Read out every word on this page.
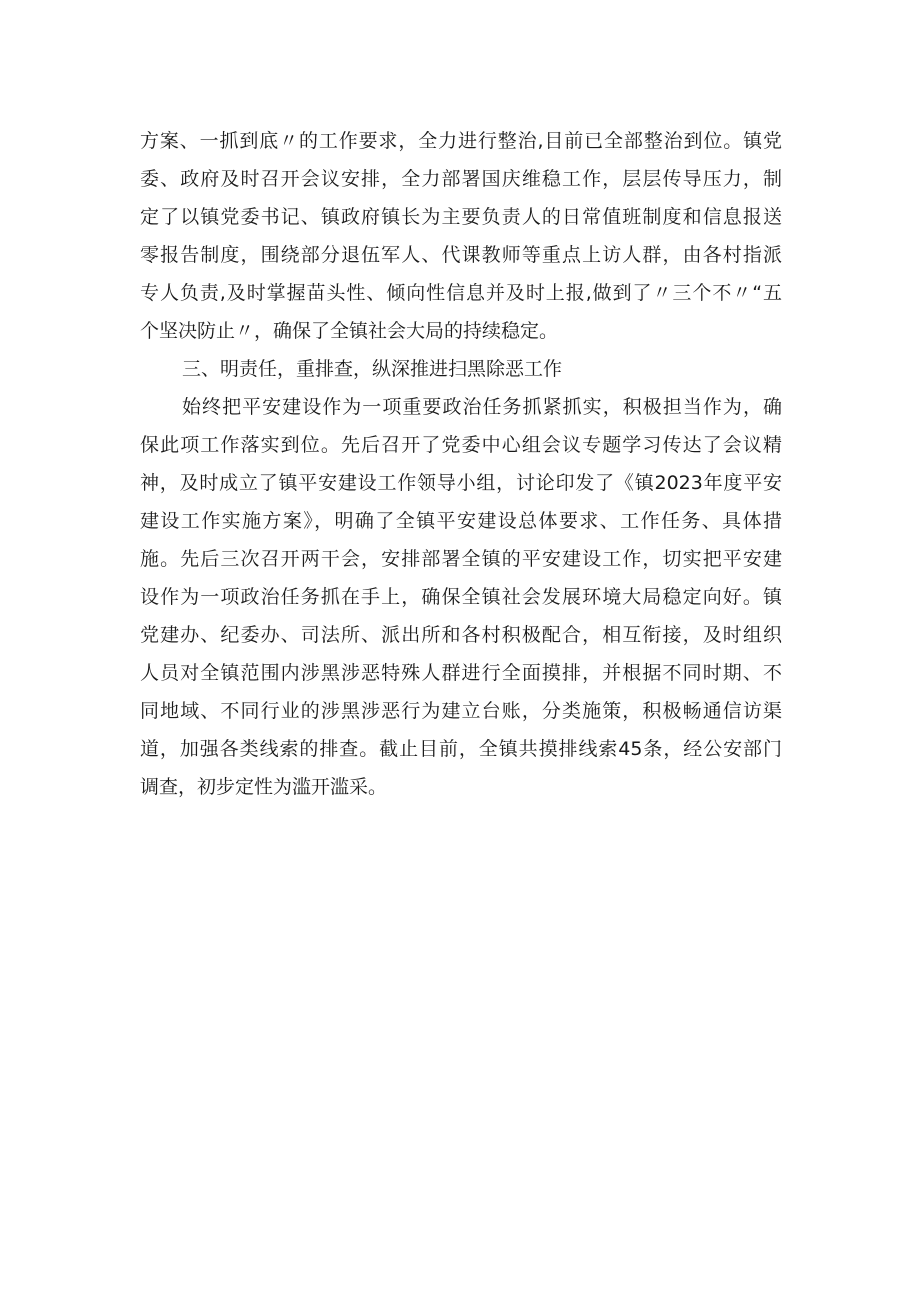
方案、一抓到底〃的工作要求，全力进行整治,目前已全部整治到位。镇党
委、政府及时召开会议安排，全力部署国庆维稳工作，层层传导压力，制
定了以镇党委书记、镇政府镇长为主要负责人的日常值班制度和信息报送
零报告制度，围绕部分退伍军人、代课教师等重点上访人群，由各村指派
专人负责,及时掌握苗头性、倾向性信息并及时上报,做到了〃三个不〃“五
个坚决防止〃，确保了全镇社会大局的持续稳定。
三、明责任，重排查，纵深推进扫黑除恶工作
始终把平安建设作为一项重要政治任务抓紧抓实，积极担当作为，确
保此项工作落实到位。先后召开了党委中心组会议专题学习传达了会议精
神，及时成立了镇平安建设工作领导小组，讨论印发了《镇2023年度平安
建设工作实施方案》，明确了全镇平安建设总体要求、工作任务、具体措
施。先后三次召开两干会，安排部署全镇的平安建设工作，切实把平安建
设作为一项政治任务抓在手上，确保全镇社会发展环境大局稳定向好。镇
党建办、纪委办、司法所、派出所和各村积极配合，相互衔接，及时组织
人员对全镇范围内涉黑涉恶特殊人群进行全面摸排，并根据不同时期、不
同地域、不同行业的涉黑涉恶行为建立台账，分类施策，积极畅通信访渠
道，加强各类线索的排查。截止目前，全镇共摸排线索45条，经公安部门
调查，初步定性为滥开滥采。
